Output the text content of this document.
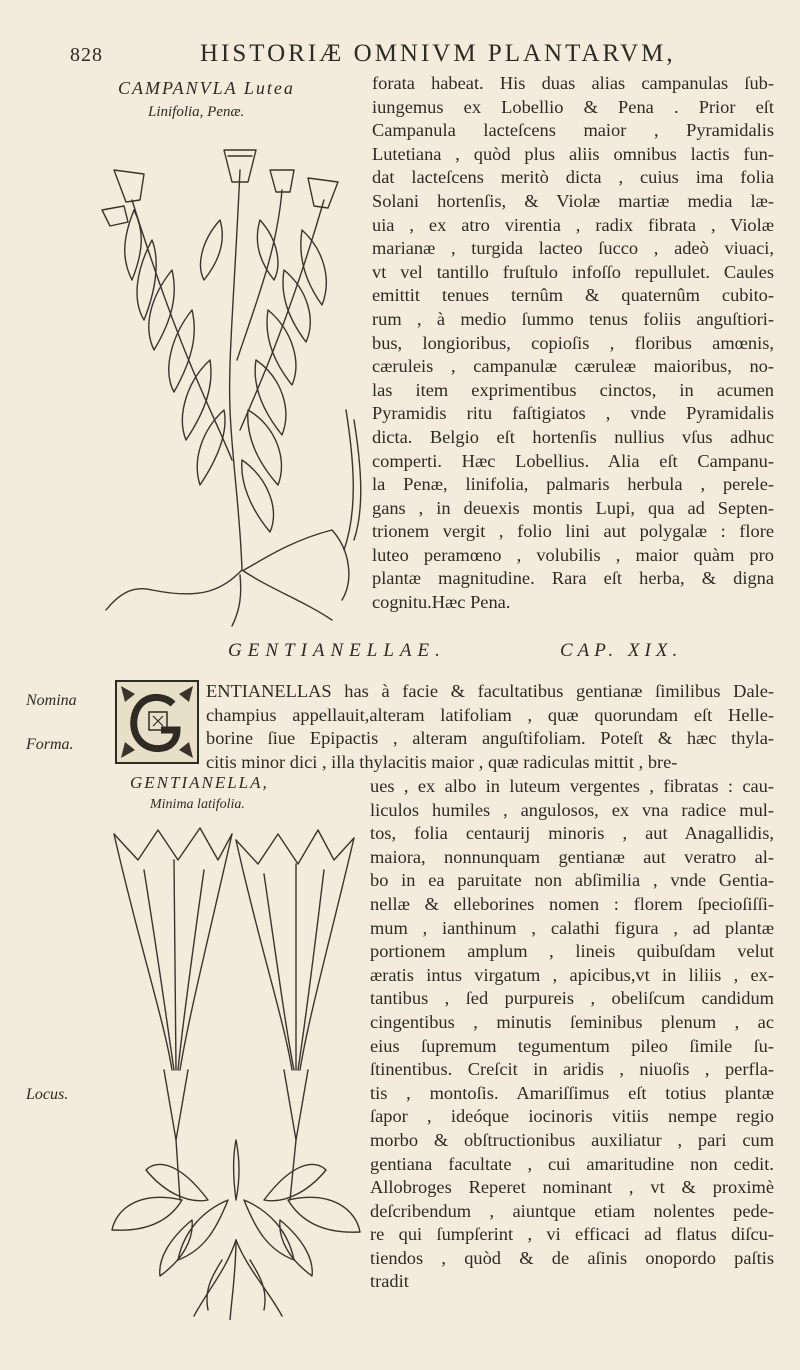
828	HISTORIÆ OMNIVM PLANTARVM,
CAMPANVLA Lutea
Linifolia, Penæ.
forata habeat. His duas alias campanulas ſub-
iungemus ex Lobellio & Pena . Prior eſt
Campanula lactеſcens maior , Pyramidalis
Lutetiana , quòd plus aliis omnibus lactis fun-
dat lacteſcens meritò dicta , cuius ima folia
Solani hortenſis, & Violæ martiæ media læ-
uia , ex atro virentia , radix fibrata , Violæ
marianæ , turgida lacteo ſucco , adeò viuaci,
vt vel tantillo fruſtulo infoſſo repullulet. Caules
emittit tenues ternûm & quaternûm cubito-
rum , à medio ſummo tenus foliis anguſtiori-
bus, longioribus, copioſis , floribus amœnis,
cæruleis , campanulæ cæruleæ maioribus, no-
las item exprimentibus cinctos, in acumen
Pyramidis ritu faſtigiatos , vnde Pyramidalis
dicta. Belgio eſt hortenſis nullius vſus adhuc
comperti. Hæc Lobellius. Alia eſt Campanu-
la Penæ, linifolia, palmaris herbula , perele-
gans , in deuexis montis Lupi, qua ad Septen-
trionem vergit , folio lini aut polygalæ : flore
luteo peramœno , volubilis , maior quàm pro
plantæ magnitudine. Rara eſt herba, & digna
cognitu.Hæc Pena.
GENTIANELLAE.	CAP. XIX.
Nomina
Forma.
Locus.
ENTIANELLAS has à facie & facultatibus gentianæ ſimilibus Dale-
champius appellauit,alteram latifoliam , quæ quorundam eſt Helle-
borine ſiue Epipactis , alteram anguſtifoliam. Poteſt & hæc thyla-
citis minor dici , illa thylacitis maior , quæ radiculas mittit , bre-
GENTIANELLA,
Minima latifolia.
ues , ex albo in luteum vergentes , fibratas : cau-
liculos humiles , angulosos, ex vna radice mul-
tos, folia centaurij minoris , aut Anagallidis,
maiora, nonnunquam gentianæ aut veratro al-
bo in ea paruitate non abſimilia , vnde Gentia-
nellæ & elleborines nomen : florem ſpecioſiſſi-
mum , ianthinum , calathi figura , ad plantæ
portionem amplum , lineis quibuſdam velut
æratis intus virgatum , apicibus,vt in liliis , ex-
tantibus , ſed purpureis , obeliſcum candidum
cingentibus , minutis ſeminibus plenum , ac
eius ſupremum tegumentum pileo ſimile ſu-
ſtinentibus. Creſcit in aridis , niuoſis , perfla-
tis , montoſis. Amariſſimus eſt totius plantæ
ſapor , ideóque iocinoris vitiis nempe regio
morbo & obſtructionibus auxiliatur , pari cum
gentiana facultate , cui amaritudine non cedit.
Allobroges Reperet nominant , vt & proximè
deſcribendum , aiuntque etiam nolentes pede-
re qui ſumpſerint , vi efficaci ad flatus diſcu-
tiendos , quòd & de aſinis onopordo paſtis
tradit
